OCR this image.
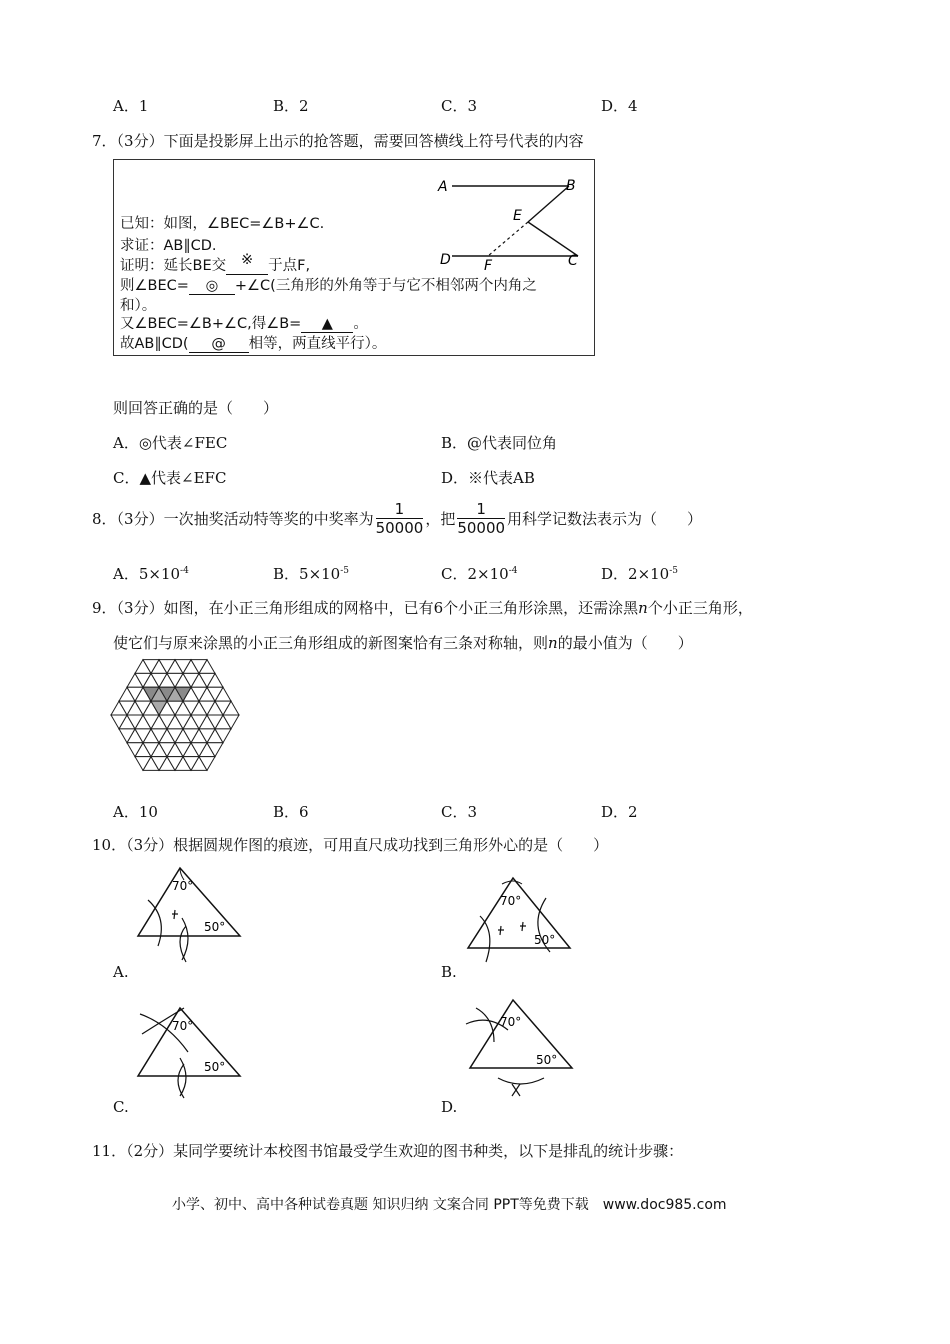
A．1	B．2	C．3	D．4
7．（3分）下面是投影屏上出示的抢答题，需要回答横线上符号代表的内容
已知：如图，∠BEC=∠B+∠C.
求证：AB∥CD.
证明：延长BE交 ※ 于点F,
则∠BEC= ◎ +∠C(三角形的外角等于与它不相邻两个内角之
和）。
又∠BEC=∠B+∠C,得∠B= ▲ 。
故AB∥CD( @ 相等，两直线平行）。
A	B
E
D F	C
则回答正确的是（　　）
A．◎代表∠FEC	B．@代表同位角
C．▲代表∠EFC	D．※代表AB
8．（3分）一次抽奖活动特等奖的中奖率为 $\frac{1}{50000}$ ，把 $\frac{1}{50000}$ 用科学记数法表示为（　　）
A．$5\times 10^{-4}$	B．$5\times 10^{-5}$	C．$2\times 10^{-4}$	D．$2\times 10^{-5}$
9．（3分）如图，在小正三角形组成的网格中，已有6个小正三角形涂黑，还需涂黑n个小正三角形，
使它们与原来涂黑的小正三角形组成的新图案恰有三条对称轴，则n的最小值为（　　）
A．10	B．6	C．3	D．2
10．（3分）根据圆规作图的痕迹，可用直尺成功找到三角形外心的是（　　）
70°
50°
A.
70°
50°
B.
70°
50°
C.
70°
50°
D.
11．（2分）某同学要统计本校图书馆最受学生欢迎的图书种类，以下是排乱的统计步骤：
小学、初中、高中各种试卷真题 知识归纳 文案合同 PPT等免费下载　www.doc985.com
